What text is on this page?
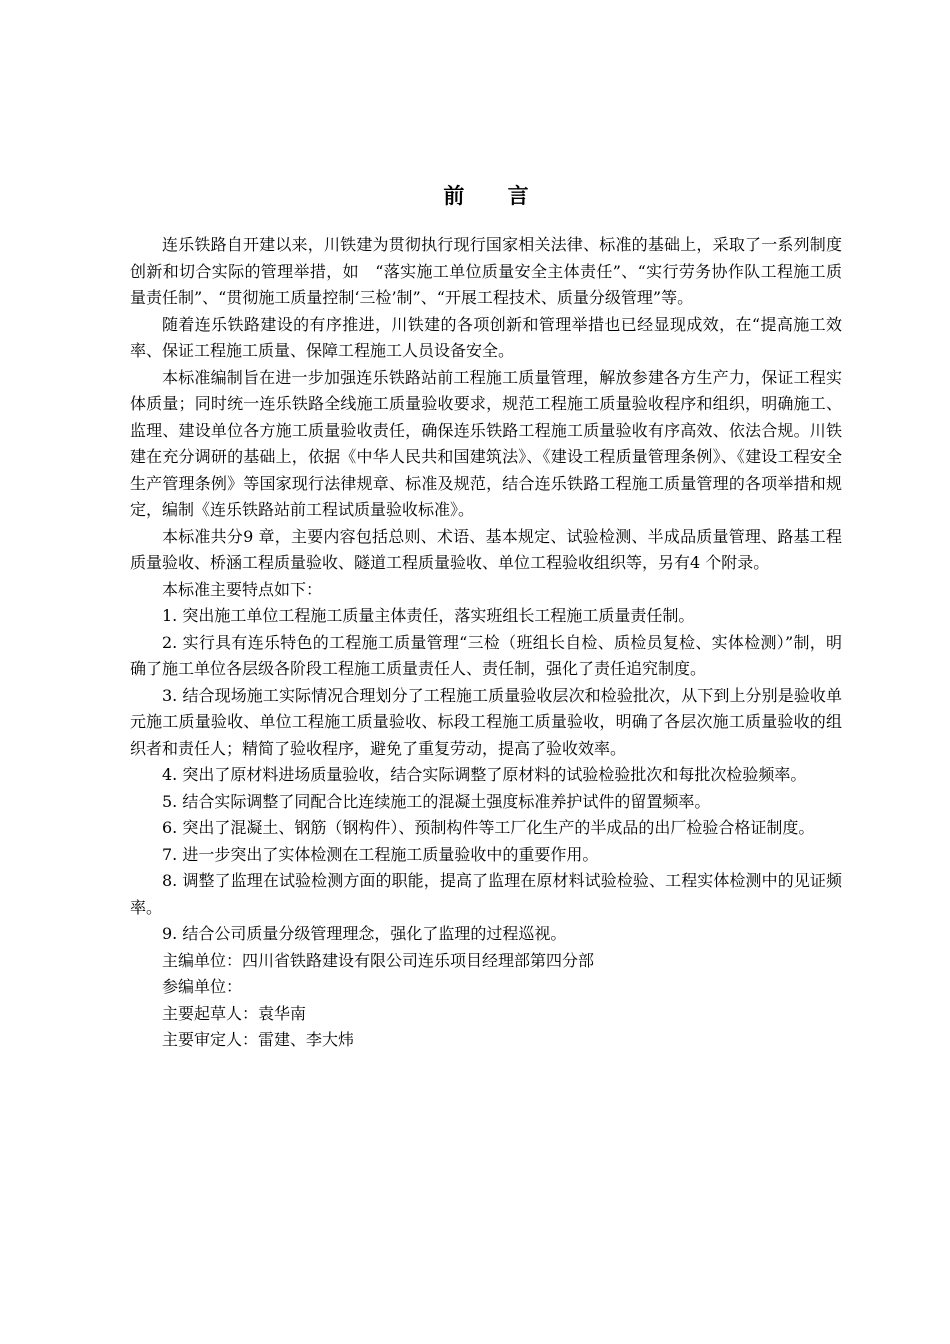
前 言

连乐铁路自开建以来，川铁建为贯彻执行现行国家相关法律、标准的基础上，采取了一系列制度创新和切合实际的管理举措，如　“落实施工单位质量安全主体责任”、“实行劳务协作队工程施工质量责任制”、“贯彻施工质量控制‘三检’制”、“开展工程技术、质量分级管理”等。

随着连乐铁路建设的有序推进，川铁建的各项创新和管理举措也已经显现成效，在“提高施工效率、保证工程施工质量、保障工程施工人员设备安全。

本标准编制旨在进一步加强连乐铁路站前工程施工质量管理，解放参建各方生产力，保证工程实体质量；同时统一连乐铁路全线施工质量验收要求，规范工程施工质量验收程序和组织，明确施工、监理、建设单位各方施工质量验收责任，确保连乐铁路工程施工质量验收有序高效、依法合规。川铁建在充分调研的基础上，依据《中华人民共和国建筑法》、《建设工程质量管理条例》、《建设工程安全生产管理条例》等国家现行法律规章、标准及规范，结合连乐铁路工程施工质量管理的各项举措和规定，编制《连乐铁路站前工程试质量验收标准》。

本标准共分9 章，主要内容包括总则、术语、基本规定、试验检测、半成品质量管理、路基工程质量验收、桥涵工程质量验收、隧道工程质量验收、单位工程验收组织等，另有4 个附录。

本标准主要特点如下：

1. 突出施工单位工程施工质量主体责任，落实班组长工程施工质量责任制。

2. 实行具有连乐特色的工程施工质量管理“三检（班组长自检、质检员复检、实体检测）”制，明确了施工单位各层级各阶段工程施工质量责任人、责任制，强化了责任追究制度。

3. 结合现场施工实际情况合理划分了工程施工质量验收层次和检验批次，从下到上分别是验收单元施工质量验收、单位工程施工质量验收、标段工程施工质量验收，明确了各层次施工质量验收的组织者和责任人；精简了验收程序，避免了重复劳动，提高了验收效率。

4. 突出了原材料进场质量验收，结合实际调整了原材料的试验检验批次和每批次检验频率。

5. 结合实际调整了同配合比连续施工的混凝土强度标准养护试件的留置频率。

6. 突出了混凝土、钢筋（钢构件）、预制构件等工厂化生产的半成品的出厂检验合格证制度。

7. 进一步突出了实体检测在工程施工质量验收中的重要作用。

8. 调整了监理在试验检测方面的职能，提高了监理在原材料试验检验、工程实体检测中的见证频率。

9. 结合公司质量分级管理理念，强化了监理的过程巡视。

主编单位：四川省铁路建设有限公司连乐项目经理部第四分部

参编单位：

主要起草人：袁华南

主要审定人：雷建、李大炜
